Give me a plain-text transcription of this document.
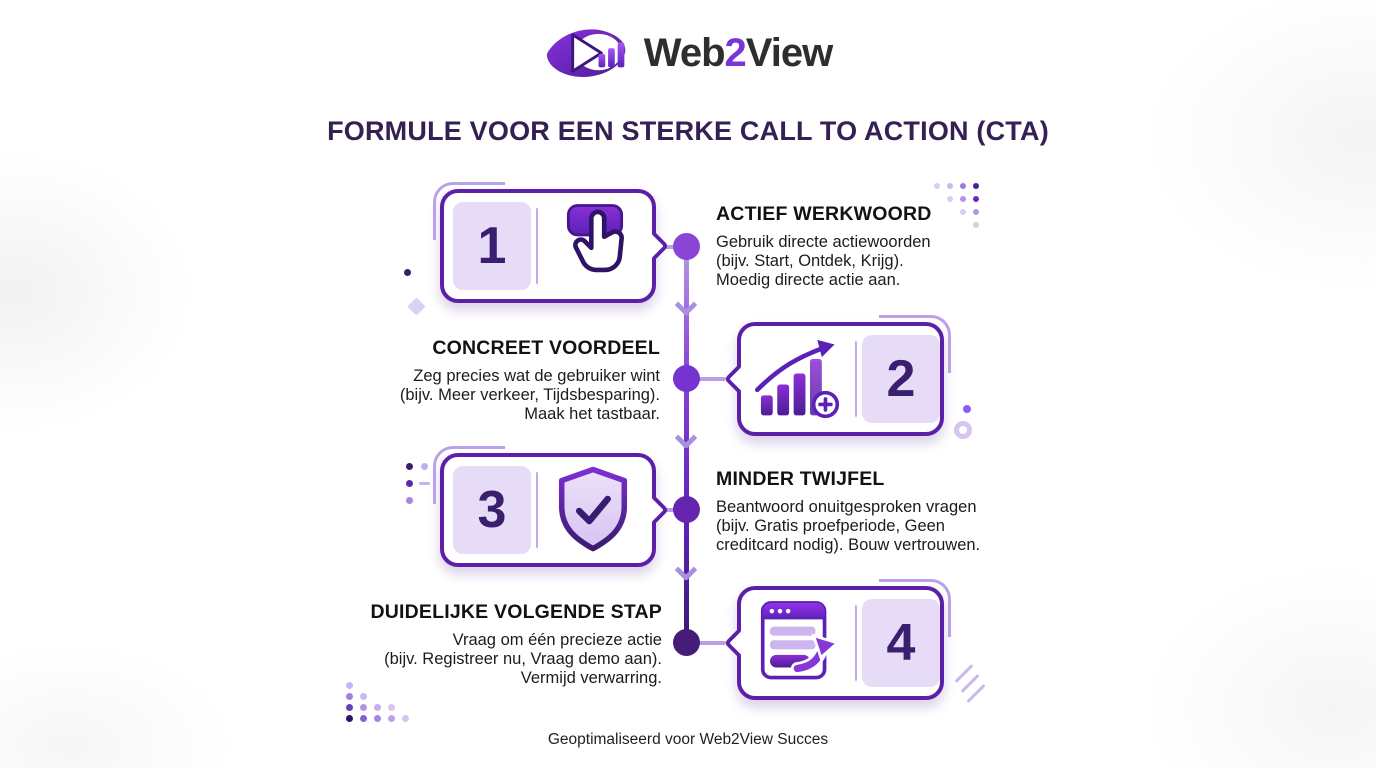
Web2View
FORMULE VOOR EEN STERKE CALL TO ACTION (CTA)
1
ACTIEF WERKWOORD
Gebruik directe actiewoorden
(bijv. Start, Ontdek, Krijg).
Moedig directe actie aan.
CONCREET VOORDEEL
Zeg precies wat de gebruiker wint
(bijv. Meer verkeer, Tijdsbesparing).
Maak het tastbaar.
2
3
MINDER TWIJFEL
Beantwoord onuitgesproken vragen
(bijv. Gratis proefperiode, Geen
creditcard nodig). Bouw vertrouwen.
DUIDELIJKE VOLGENDE STAP
Vraag om één precieze actie
(bijv. Registreer nu, Vraag demo aan).
Vermijd verwarring.
4
Geoptimaliseerd voor Web2View Succes
